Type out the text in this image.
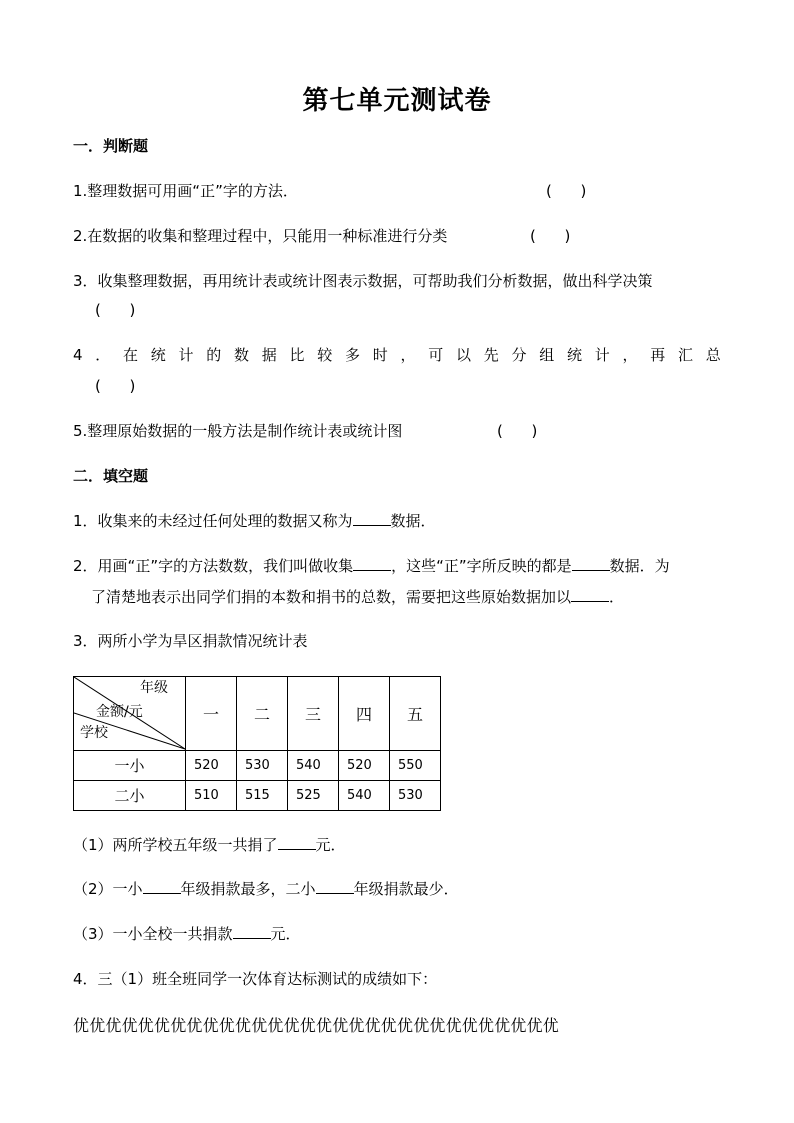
第七单元测试卷
一．判断题
1.整理数据可用画“正”字的方法．	(      )
2.在数据的收集和整理过程中，只能用一种标准进行分类	(      )
3．收集整理数据，再用统计表或统计图表示数据，可帮助我们分析数据，做出科学决策
(      )
4 ． 在 统 计 的 数 据 比 较 多 时 ， 可 以 先 分 组 统 计 ， 再 汇 总
(      )
5.整理原始数据的一般方法是制作统计表或统计图	(      )
二．填空题
1．收集来的未经过任何处理的数据又称为	数据．
2．用画“正”字的方法数数，我们叫做收集	，这些“正”字所反映的都是	数据．为
了清楚地表示出同学们捐的本数和捐书的总数，需要把这些原始数据加以	．
3．两所小学为旱区捐款情况统计表
年级
金额/元
学校	一	二	三	四	五
一小	520	530	540	520	550
二小	510	515	525	540	530
（1）两所学校五年级一共捐了	元．
（2）一小	年级捐款最多，二小	年级捐款最少．
（3）一小全校一共捐款	元．
4．三（1）班全班同学一次体育达标测试的成绩如下：
优优优优优优优优优优优优优优优优优优优优优优优优优优优优优优
